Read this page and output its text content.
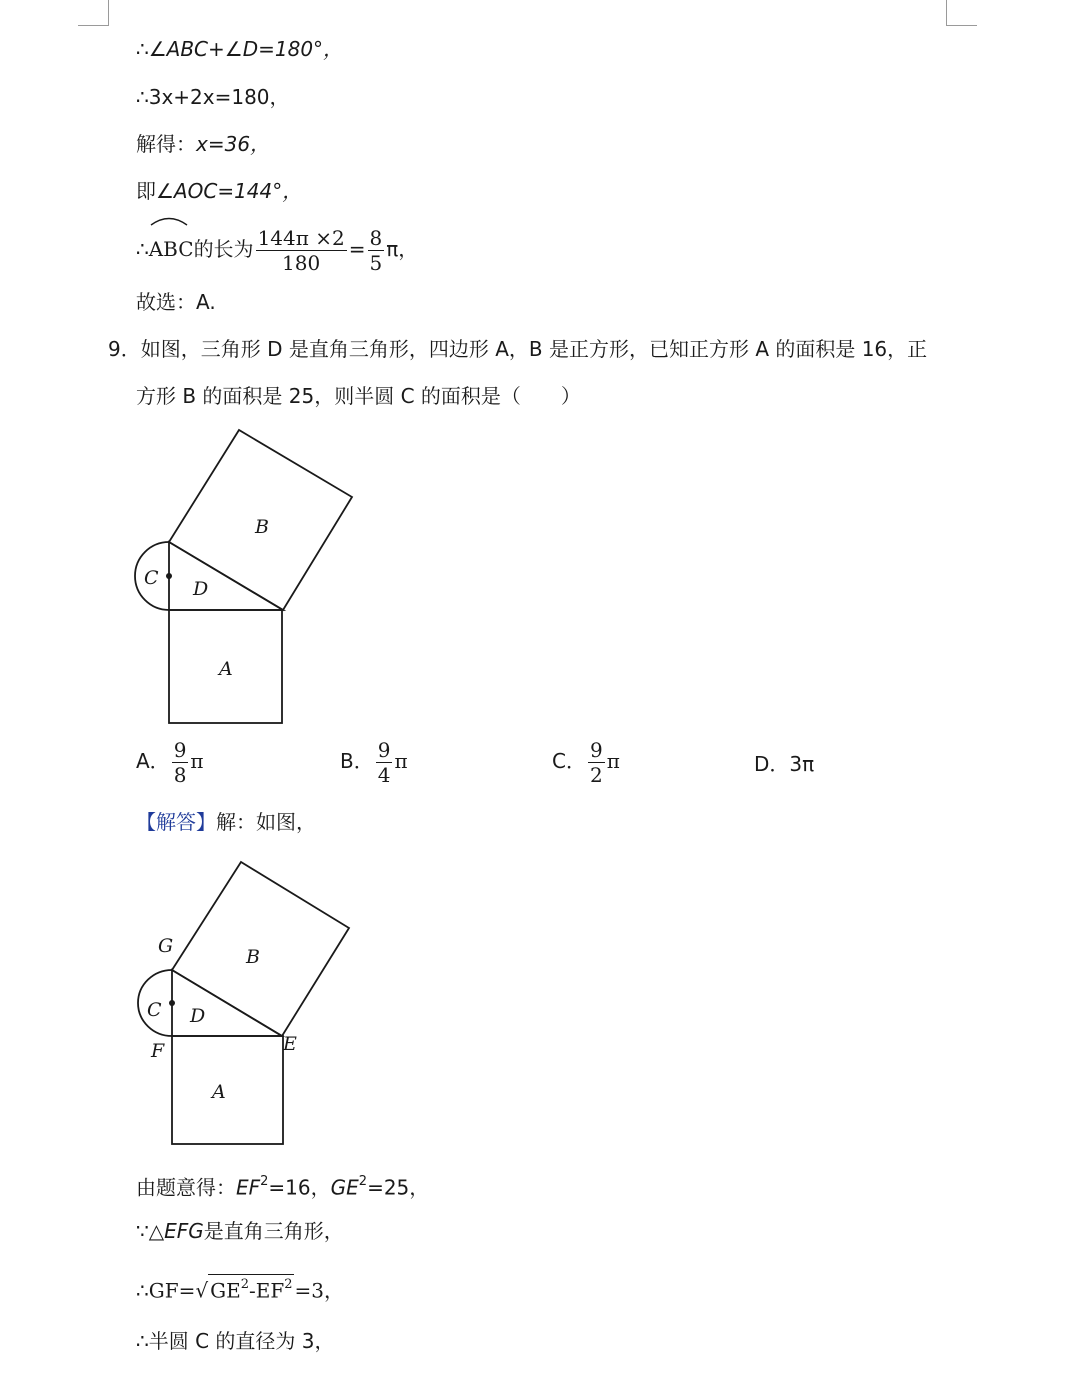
∴∠ABC+∠D=180°，
∴3x+2x=180，
解得：x=36，
即∠AOC=144°，
∴
ABC的长为 $\frac{144\pi \times 2}{180} = \frac{8}{5}$ π，
故选：A.
9．如图，三角形 D 是直角三角形，四边形 A，B 是正方形，已知正方形 A 的面积是 16，正
方形 B 的面积是 25，则半圆 C 的面积是（　　）
B
C D
A
A． $\frac{9}{8}$ π	B． $\frac{9}{4}$ π	C． $\frac{9}{2}$ π	D．3π
【解答】解：如图，
G	B
C D
F	E
A
由题意得：$EF^2=16$，$GE^2=25$，
∵△EFG是直角三角形，
∴GF=√ $GE^2-EF^2 =3$，
∴半圆 C 的直径为 3，
